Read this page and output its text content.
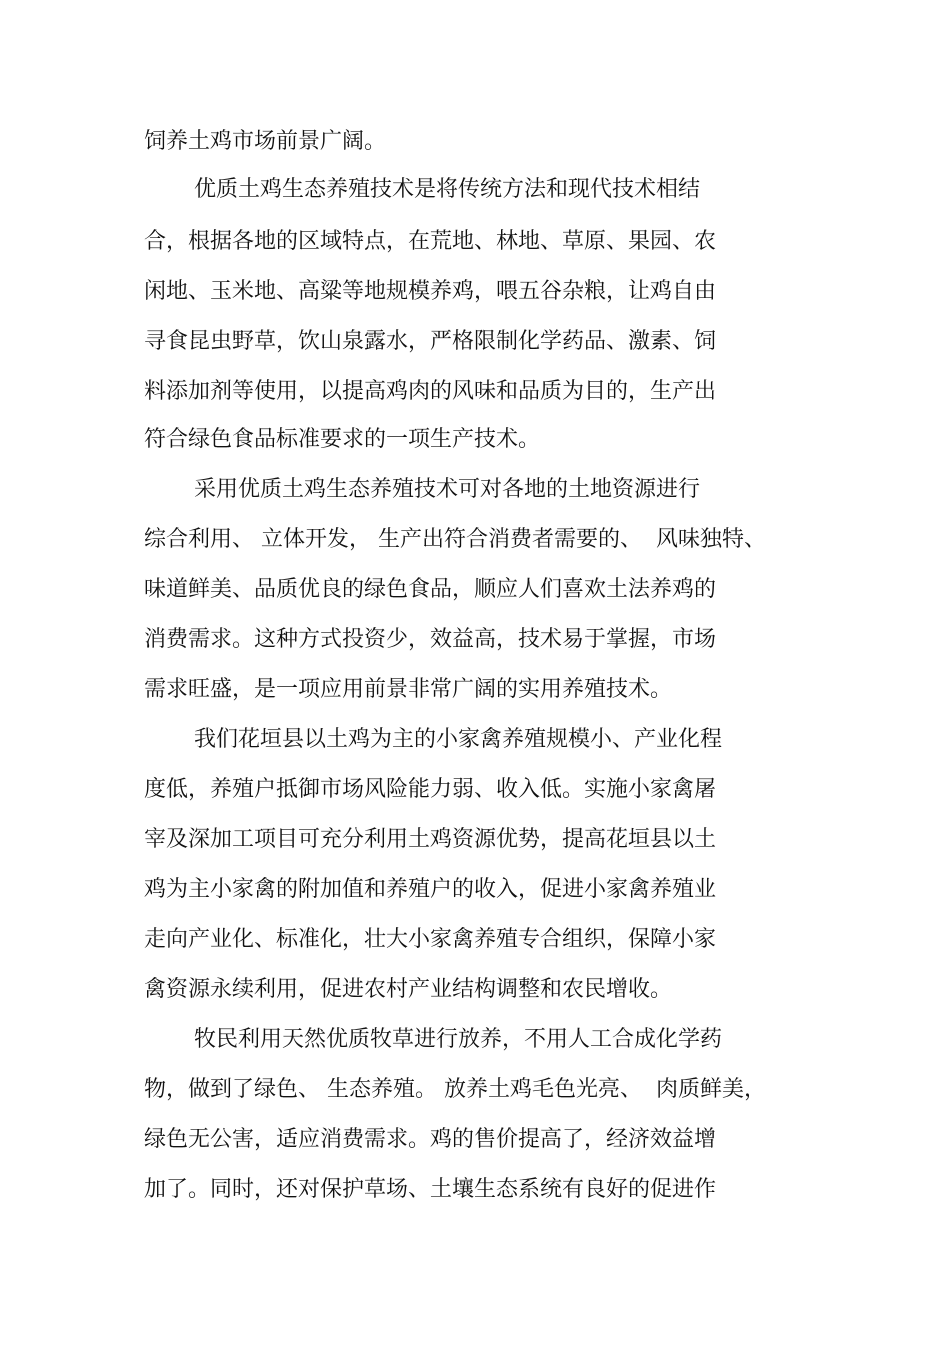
饲养土鸡市场前景广阔。

优质土鸡生态养殖技术是将传统方法和现代技术相结

合，根据各地的区域特点，在荒地、林地、草原、果园、农

闲地、玉米地、高粱等地规模养鸡，喂五谷杂粮，让鸡自由

寻食昆虫野草，饮山泉露水，严格限制化学药品、激素、饲

料添加剂等使用，以提高鸡肉的风味和品质为目的，生产出

符合绿色食品标准要求的一项生产技术。

采用优质土鸡生态养殖技术可对各地的土地资源进行

综合利用、 立体开发， 生产出符合消费者需要的、  风味独特、

味道鲜美、品质优良的绿色食品，顺应人们喜欢土法养鸡的

消费需求。这种方式投资少，效益高，技术易于掌握，市场

需求旺盛，是一项应用前景非常广阔的实用养殖技术。

我们花垣县以土鸡为主的小家禽养殖规模小、产业化程

度低，养殖户抵御市场风险能力弱、收入低。实施小家禽屠

宰及深加工项目可充分利用土鸡资源优势，提高花垣县以土

鸡为主小家禽的附加值和养殖户的收入，促进小家禽养殖业

走向产业化、标准化，壮大小家禽养殖专合组织，保障小家

禽资源永续利用，促进农村产业结构调整和农民增收。

牧民利用天然优质牧草进行放养，不用人工合成化学药

物，做到了绿色、 生态养殖。 放养土鸡毛色光亮、  肉质鲜美，

绿色无公害，适应消费需求。鸡的售价提高了，经济效益增

加了。同时，还对保护草场、土壤生态系统有良好的促进作
